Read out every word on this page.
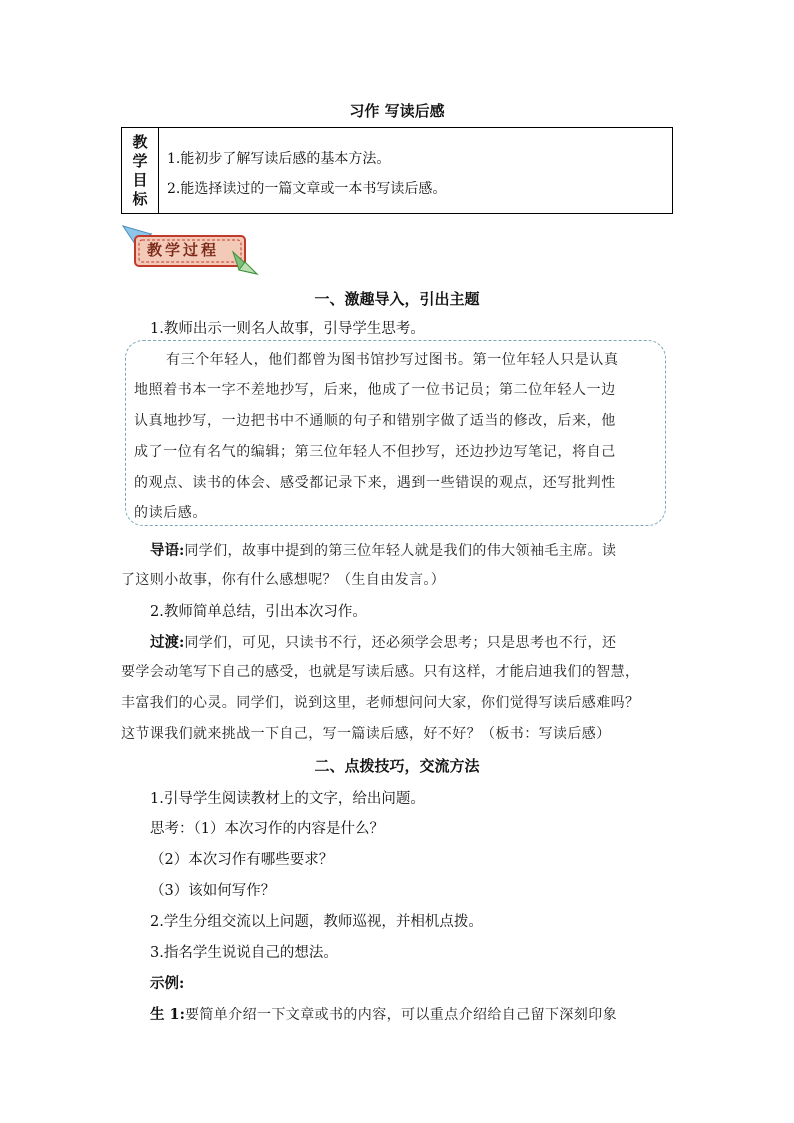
习作 写读后感
教学目标
1.能初步了解写读后感的基本方法。
2.能选择读过的一篇文章或一本书写读后感。
教学过程
一、激趣导入，引出主题
1.教师出示一则名人故事，引导学生思考。
有三个年轻人，他们都曾为图书馆抄写过图书。第一位年轻人只是认真
地照着书本一字不差地抄写，后来，他成了一位书记员；第二位年轻人一边
认真地抄写，一边把书中不通顺的句子和错别字做了适当的修改，后来，他
成了一位有名气的编辑；第三位年轻人不但抄写，还边抄边写笔记，将自己
的观点、读书的体会、感受都记录下来，遇到一些错误的观点，还写批判性
的读后感。
导语:同学们，故事中提到的第三位年轻人就是我们的伟大领袖毛主席。读
了这则小故事，你有什么感想呢？（生自由发言。）
2.教师简单总结，引出本次习作。
过渡:同学们，可见，只读书不行，还必须学会思考；只是思考也不行，还
要学会动笔写下自己的感受，也就是写读后感。只有这样，才能启迪我们的智慧，
丰富我们的心灵。同学们，说到这里，老师想问问大家，你们觉得写读后感难吗？
这节课我们就来挑战一下自己，写一篇读后感，好不好？（板书：写读后感）
二、点拨技巧，交流方法
1.引导学生阅读教材上的文字，给出问题。
思考：（1）本次习作的内容是什么？
（2）本次习作有哪些要求？
（3）该如何写作？
2.学生分组交流以上问题，教师巡视，并相机点拨。
3.指名学生说说自己的想法。
示例:
生 1:要简单介绍一下文章或书的内容，可以重点介绍给自己留下深刻印象
